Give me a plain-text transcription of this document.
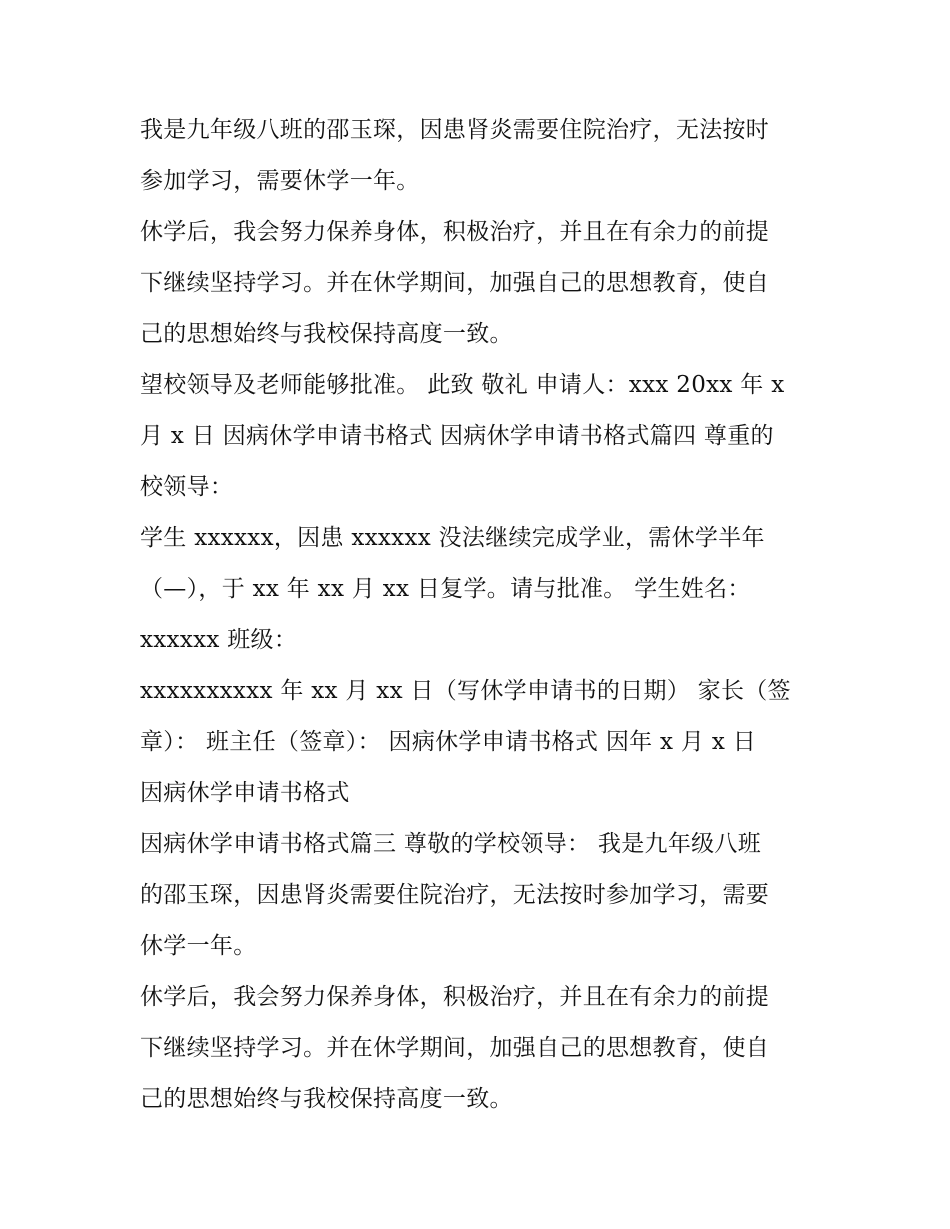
我是九年级八班的邵玉琛，因患肾炎需要住院治疗，无法按时
参加学习，需要休学一年。
休学后，我会努力保养身体，积极治疗，并且在有余力的前提
下继续坚持学习。并在休学期间，加强自己的思想教育，使自
己的思想始终与我校保持高度一致。
望校领导及老师能够批准。 此致 敬礼 申请人：xxx 20xx 年 x
月 x 日 因病休学申请书格式 因病休学申请书格式篇四 尊重的
校领导：
学生 xxxxxx，因患 xxxxxx 没法继续完成学业，需休学半年
（—），于 xx 年 xx 月 xx 日复学。请与批准。 学生姓名：
xxxxxx 班级：
xxxxxxxxxx 年 xx 月 xx 日（写休学申请书的日期） 家长（签
章）： 班主任（签章）： 因病休学申请书格式 因年 x 月 x 日
因病休学申请书格式
因病休学申请书格式篇三 尊敬的学校领导： 我是九年级八班
的邵玉琛，因患肾炎需要住院治疗，无法按时参加学习，需要
休学一年。
休学后，我会努力保养身体，积极治疗，并且在有余力的前提
下继续坚持学习。并在休学期间，加强自己的思想教育，使自
己的思想始终与我校保持高度一致。
